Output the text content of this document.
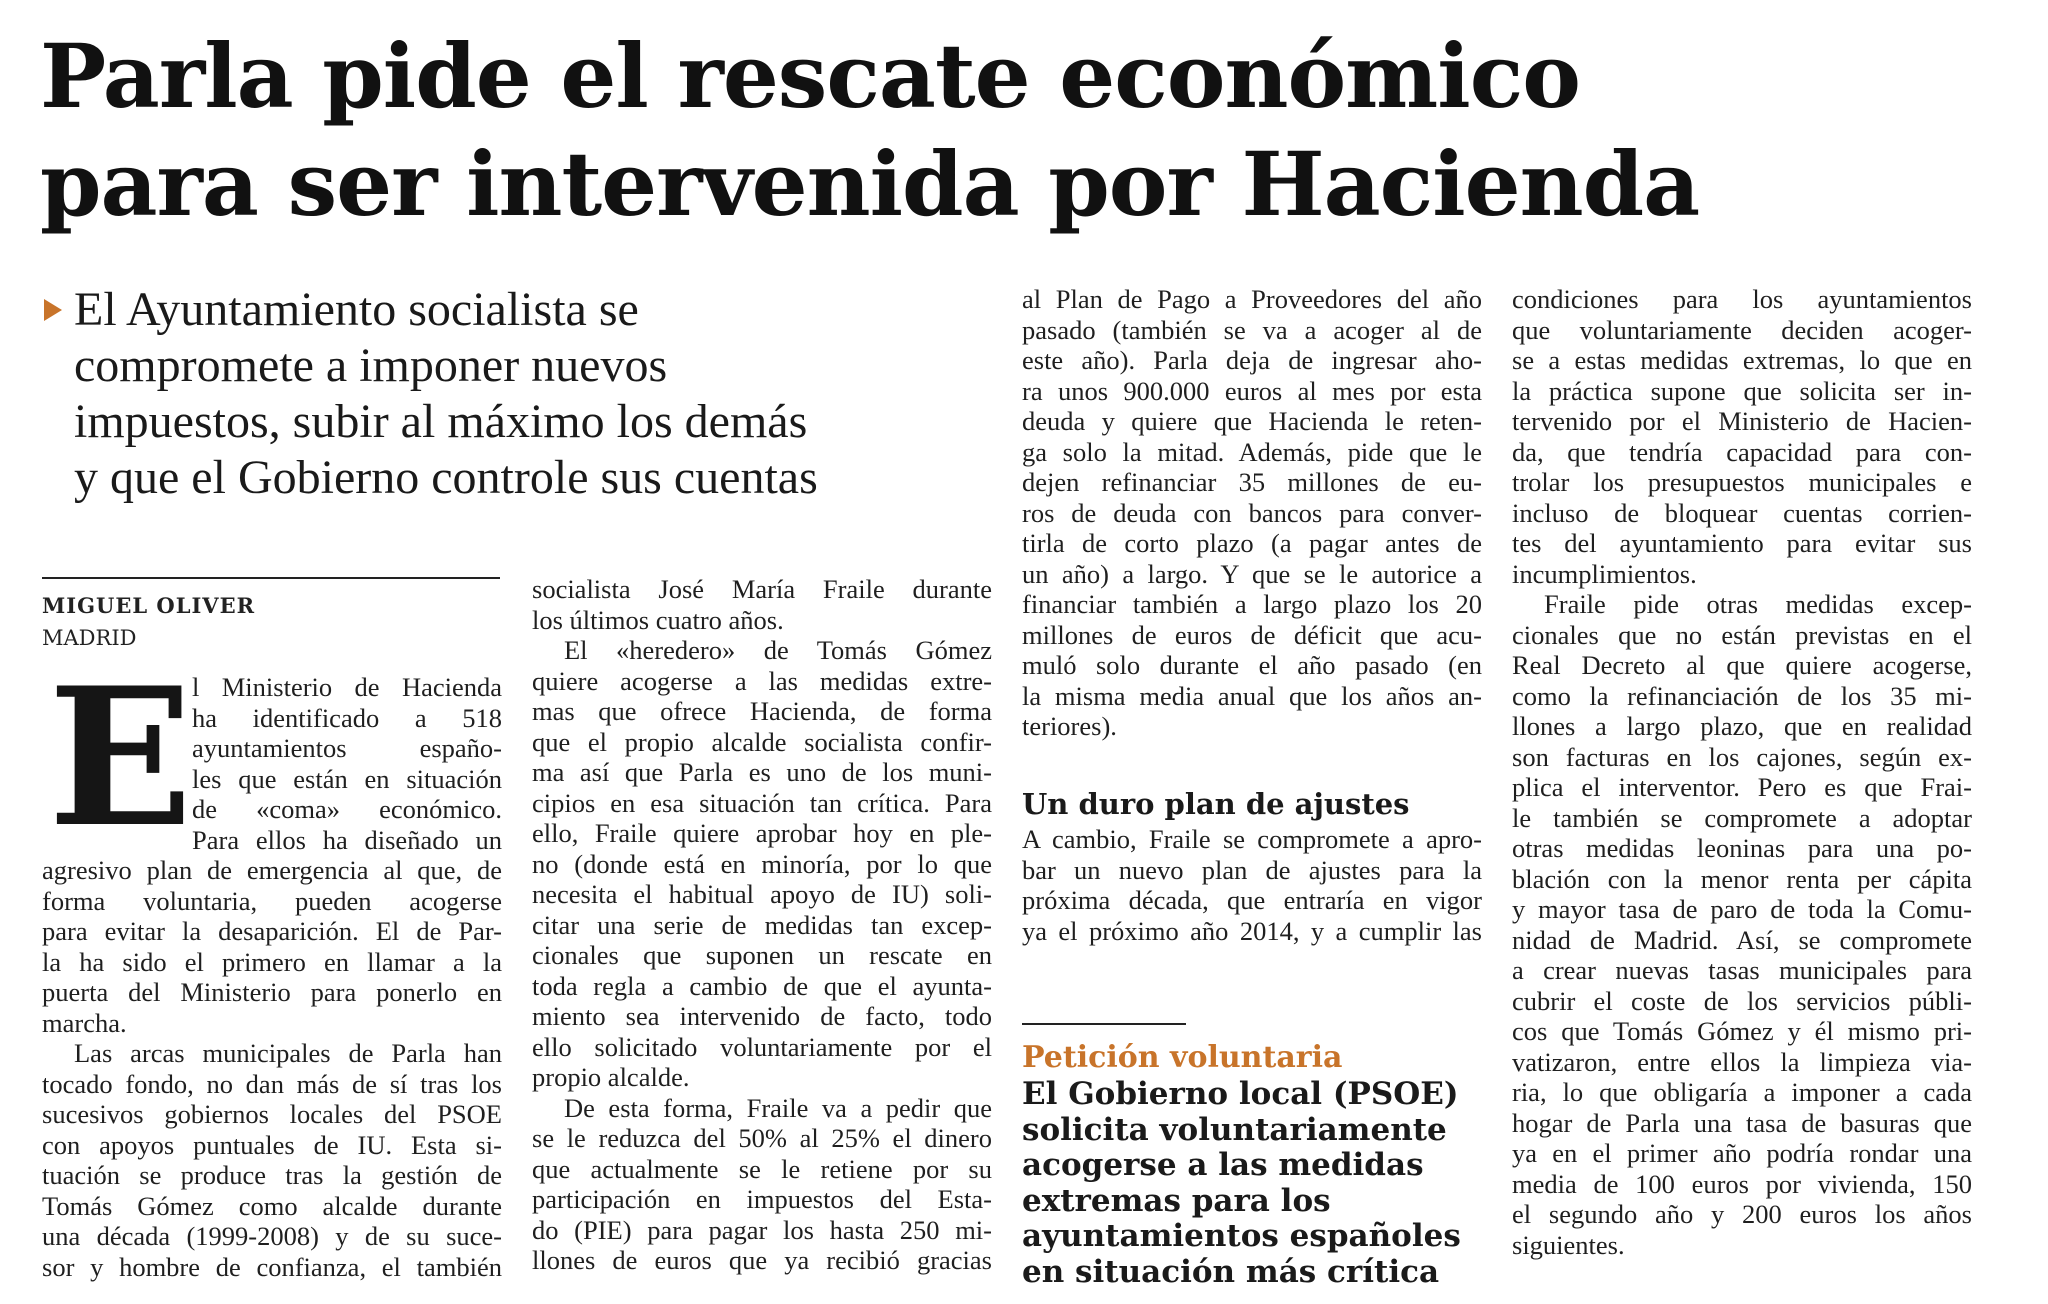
Parla pide el rescate económico
para ser intervenida por Hacienda
El Ayuntamiento socialista se
compromete a imponer nuevos
impuestos, subir al máximo los demás
y que el Gobierno controle sus cuentas
MIGUEL OLIVER
MADRID
E l Ministerio de Hacienda
ha identificado a 518
ayuntamientos españo-
les que están en situación
de «coma» económico.
Para ellos ha diseñado un
agresivo plan de emergencia al que, de
forma voluntaria, pueden acogerse
para evitar la desaparición. El de Par-
la ha sido el primero en llamar a la
puerta del Ministerio para ponerlo en
marcha.
Las arcas municipales de Parla han
tocado fondo, no dan más de sí tras los
sucesivos gobiernos locales del PSOE
con apoyos puntuales de IU. Esta si-
tuación se produce tras la gestión de
Tomás Gómez como alcalde durante
una década (1999-2008) y de su suce-
sor y hombre de confianza, el también
socialista José María Fraile durante
los últimos cuatro años.
El «heredero» de Tomás Gómez
quiere acogerse a las medidas extre-
mas que ofrece Hacienda, de forma
que el propio alcalde socialista confir-
ma así que Parla es uno de los muni-
cipios en esa situación tan crítica. Para
ello, Fraile quiere aprobar hoy en ple-
no (donde está en minoría, por lo que
necesita el habitual apoyo de IU) soli-
citar una serie de medidas tan excep-
cionales que suponen un rescate en
toda regla a cambio de que el ayunta-
miento sea intervenido de facto, todo
ello solicitado voluntariamente por el
propio alcalde.
De esta forma, Fraile va a pedir que
se le reduzca del 50% al 25% el dinero
que actualmente se le retiene por su
participación en impuestos del Esta-
do (PIE) para pagar los hasta 250 mi-
llones de euros que ya recibió gracias
al Plan de Pago a Proveedores del año
pasado (también se va a acoger al de
este año). Parla deja de ingresar aho-
ra unos 900.000 euros al mes por esta
deuda y quiere que Hacienda le reten-
ga solo la mitad. Además, pide que le
dejen refinanciar 35 millones de eu-
ros de deuda con bancos para conver-
tirla de corto plazo (a pagar antes de
un año) a largo. Y que se le autorice a
financiar también a largo plazo los 20
millones de euros de déficit que acu-
muló solo durante el año pasado (en
la misma media anual que los años an-
teriores).
Un duro plan de ajustes
A cambio, Fraile se compromete a apro-
bar un nuevo plan de ajustes para la
próxima década, que entraría en vigor
ya el próximo año 2014, y a cumplir las
Petición voluntaria
El Gobierno local (PSOE)
solicita voluntariamente
acogerse a las medidas
extremas para los
ayuntamientos españoles
en situación más crítica
condiciones para los ayuntamientos
que voluntariamente deciden acoger-
se a estas medidas extremas, lo que en
la práctica supone que solicita ser in-
tervenido por el Ministerio de Hacien-
da, que tendría capacidad para con-
trolar los presupuestos municipales e
incluso de bloquear cuentas corrien-
tes del ayuntamiento para evitar sus
incumplimientos.
Fraile pide otras medidas excep-
cionales que no están previstas en el
Real Decreto al que quiere acogerse,
como la refinanciación de los 35 mi-
llones a largo plazo, que en realidad
son facturas en los cajones, según ex-
plica el interventor. Pero es que Frai-
le también se compromete a adoptar
otras medidas leoninas para una po-
blación con la menor renta per cápita
y mayor tasa de paro de toda la Comu-
nidad de Madrid. Así, se compromete
a crear nuevas tasas municipales para
cubrir el coste de los servicios públi-
cos que Tomás Gómez y él mismo pri-
vatizaron, entre ellos la limpieza via-
ria, lo que obligaría a imponer a cada
hogar de Parla una tasa de basuras que
ya en el primer año podría rondar una
media de 100 euros por vivienda, 150
el segundo año y 200 euros los años
siguientes.
